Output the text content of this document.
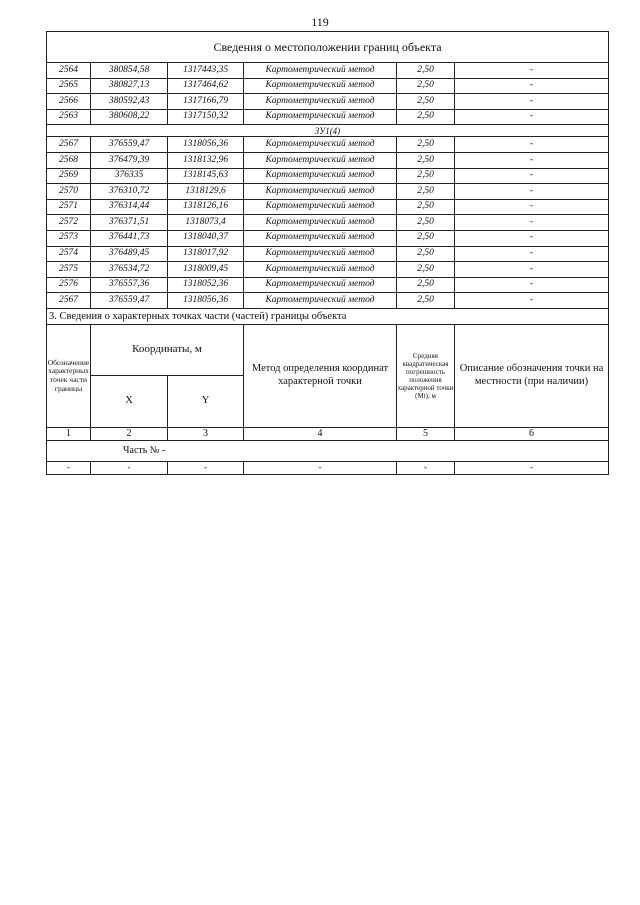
119
Сведения о местоположении границ объекта					
2564	380854,58	1317443,35	Картометрический метод	2,50	-
2565	380827,13	1317464,62	Картометрический метод	2,50	-
2566	380592,43	1317166,79	Картометрический метод	2,50	-
2563	380608,22	1317150,32	Картометрический метод	2,50	-
ЗУ1(4)					
2567	376559,47	1318056,36	Картометрический метод	2,50	-
2568	376479,39	1318132,96	Картометрический метод	2,50	-
2569	376335	1318145,63	Картометрический метод	2,50	-
2570	376310,72	1318129,6	Картометрический метод	2,50	-
2571	376314,44	1318126,16	Картометрический метод	2,50	-
2572	376371,51	1318073,4	Картометрический метод	2,50	-
2573	376441,73	1318040,37	Картометрический метод	2,50	-
2574	376489,45	1318017,92	Картометрический метод	2,50	-
2575	376534,72	1318009,45	Картометрический метод	2,50	-
2576	376557,36	1318052,36	Картометрический метод	2,50	-
2567	376559,47	1318056,36	Картометрический метод	2,50	-
3. Сведения о характерных точках части (частей) границы объекта					
Обозначение характерных точек части границы	Координаты, м		Метод определения координат характерной точки	Средняя квадратическая погрешность положения характерной точки (Mt), м	Описание обозначения точки на местности (при наличии)
	X	Y			
1	2	3	4	5	6
Часть № -					
-	-	-	-	-	-
